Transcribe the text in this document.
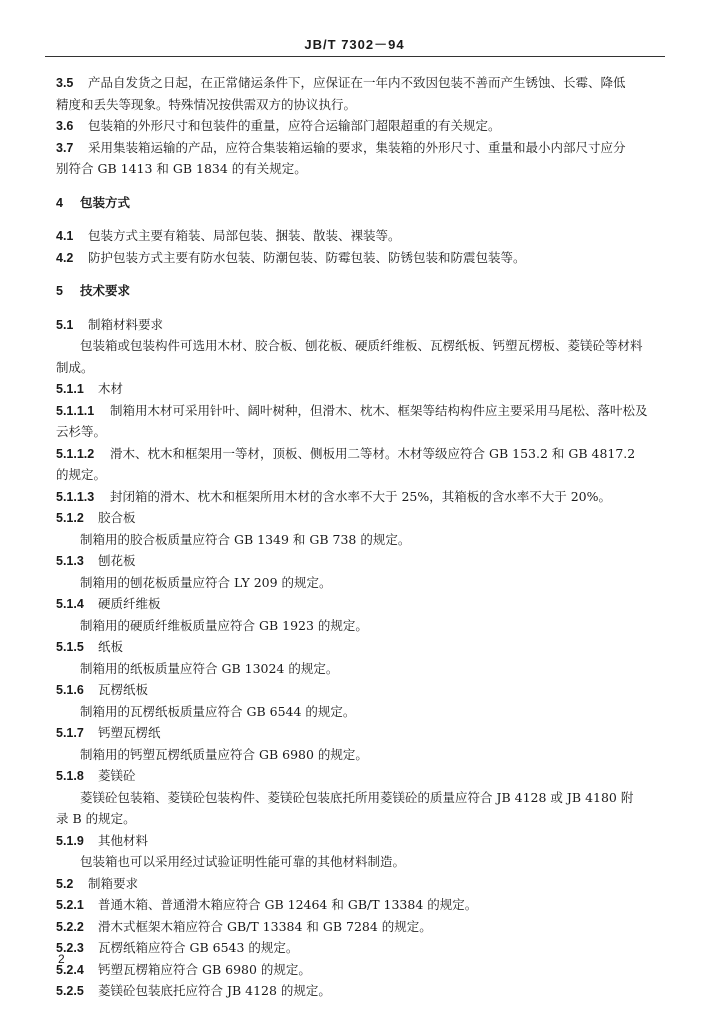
JB/T 7302－94
3.5 产品自发货之日起，在正常储运条件下，应保证在一年内不致因包装不善而产生锈蚀、长霉、降低
精度和丢失等现象。特殊情况按供需双方的协议执行。
3.6 包装箱的外形尺寸和包装件的重量，应符合运输部门超限超重的有关规定。
3.7 采用集装箱运输的产品，应符合集装箱运输的要求，集装箱的外形尺寸、重量和最小内部尺寸应分
别符合 GB 1413 和 GB 1834 的有关规定。
4 包装方式
4.1 包装方式主要有箱装、局部包装、捆装、散装、裸装等。
4.2 防护包装方式主要有防水包装、防潮包装、防霉包装、防锈包装和防震包装等。
5 技术要求
5.1 制箱材料要求
包装箱或包装构件可选用木材、胶合板、刨花板、硬质纤维板、瓦楞纸板、钙塑瓦楞板、菱镁砼等材料
制成。
5.1.1 木材
5.1.1.1 制箱用木材可采用针叶、阔叶树种，但滑木、枕木、框架等结构构件应主要采用马尾松、落叶松及
云杉等。
5.1.1.2 滑木、枕木和框架用一等材，顶板、侧板用二等材。木材等级应符合 GB 153.2 和 GB 4817.2
的规定。
5.1.1.3 封闭箱的滑木、枕木和框架所用木材的含水率不大于 25%，其箱板的含水率不大于 20%。
5.1.2 胶合板
制箱用的胶合板质量应符合 GB 1349 和 GB 738 的规定。
5.1.3 刨花板
制箱用的刨花板质量应符合 LY 209 的规定。
5.1.4 硬质纤维板
制箱用的硬质纤维板质量应符合 GB 1923 的规定。
5.1.5 纸板
制箱用的纸板质量应符合 GB 13024 的规定。
5.1.6 瓦楞纸板
制箱用的瓦楞纸板质量应符合 GB 6544 的规定。
5.1.7 钙塑瓦楞纸
制箱用的钙塑瓦楞纸质量应符合 GB 6980 的规定。
5.1.8 菱镁砼
菱镁砼包装箱、菱镁砼包装构件、菱镁砼包装底托所用菱镁砼的质量应符合 JB 4128 或 JB 4180 附
录 B 的规定。
5.1.9 其他材料
包装箱也可以采用经过试验证明性能可靠的其他材料制造。
5.2 制箱要求
5.2.1 普通木箱、普通滑木箱应符合 GB 12464 和 GB/T 13384 的规定。
5.2.2 滑木式框架木箱应符合 GB/T 13384 和 GB 7284 的规定。
5.2.3 瓦楞纸箱应符合 GB 6543 的规定。
5.2.4 钙塑瓦楞箱应符合 GB 6980 的规定。
5.2.5 菱镁砼包装底托应符合 JB 4128 的规定。
2
